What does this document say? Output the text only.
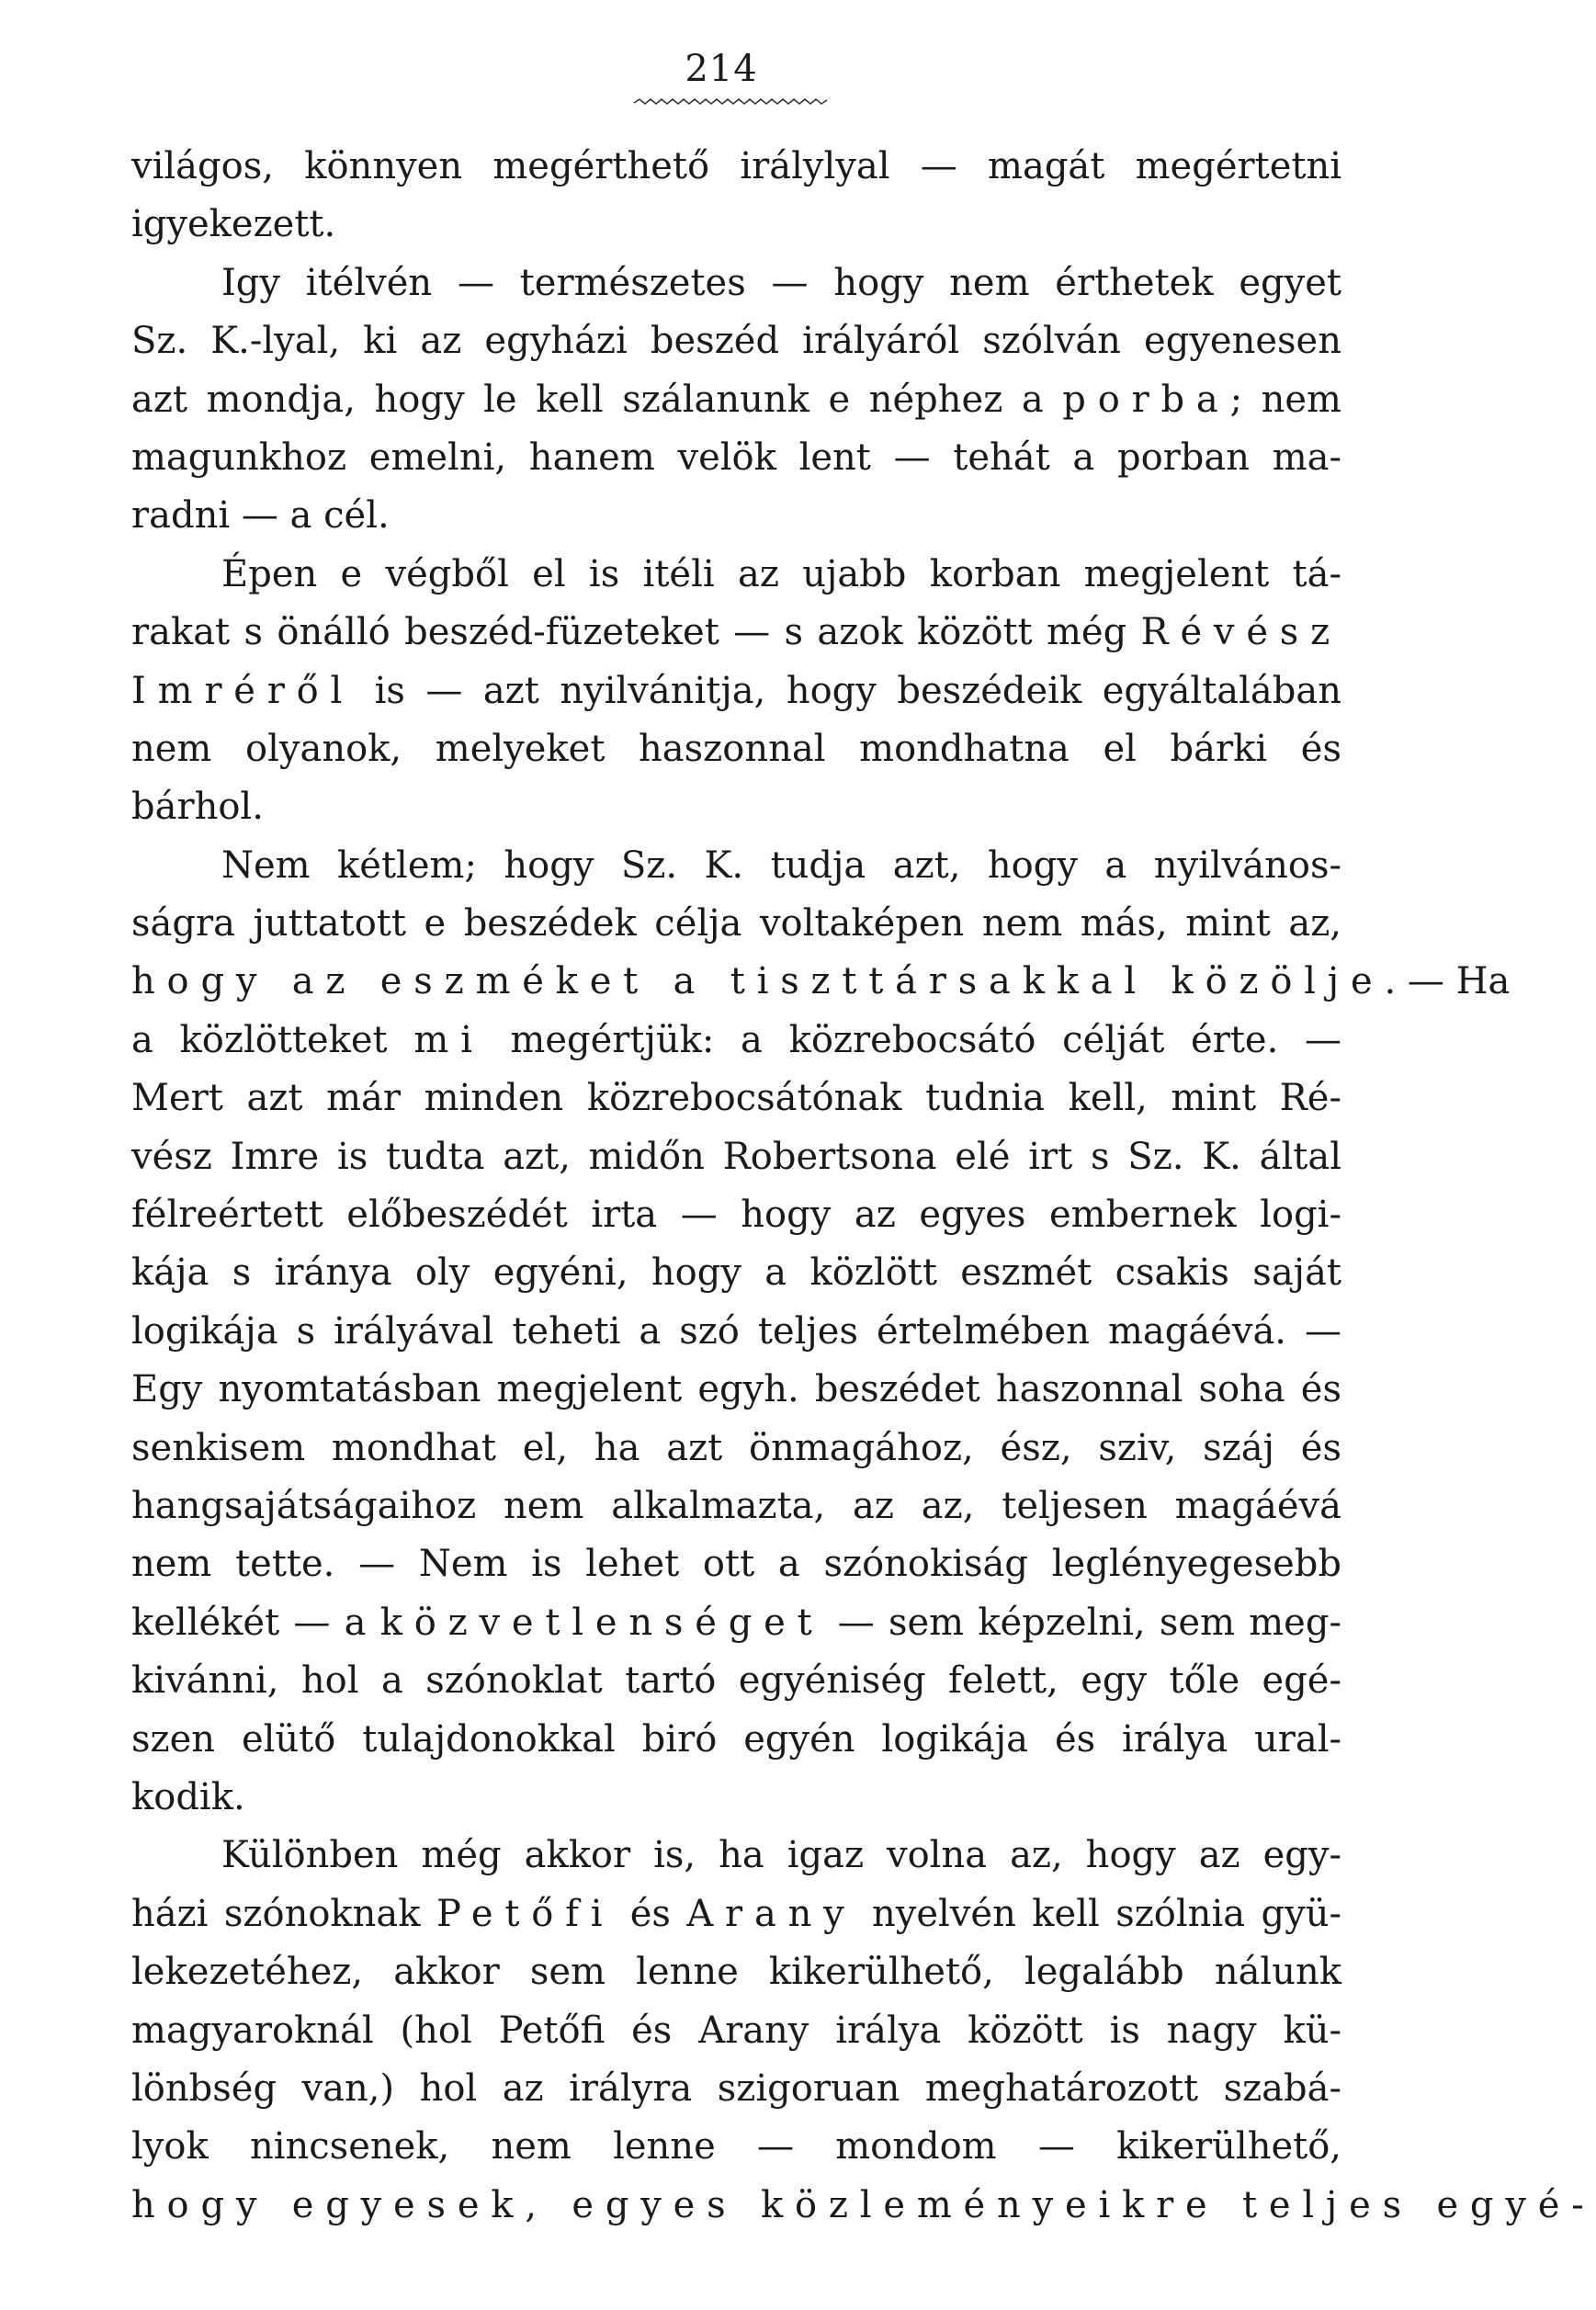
214
világos, könnyen megérthető irálylyal — magát megértetni
igyekezett.
Igy itélvén — természetes — hogy nem érthetek egyet
Sz. K.-lyal, ki az egyházi beszéd irályáról szólván egyenesen
azt mondja, hogy le kell szálanunk e néphez a porba; nem
magunkhoz emelni, hanem velök lent — tehát a porban ma-
radni — a cél.
Épen e végből el is itéli az ujabb korban megjelent tá-
rakat s önálló beszéd-füzeteket — s azok között még Révész
Imréről is — azt nyilvánitja, hogy beszédeik egyáltalában
nem olyanok, melyeket haszonnal mondhatna el bárki és
bárhol.
Nem kétlem; hogy Sz. K. tudja azt, hogy a nyilvános-
ságra juttatott e beszédek célja voltaképen nem más, mint az,
hogy az eszméket a tiszttársakkal közölje. — Ha
a közlötteket mi megértjük: a közrebocsátó célját érte. —
Mert azt már minden közrebocsátónak tudnia kell, mint Ré-
vész Imre is tudta azt, midőn Robertsona elé irt s Sz. K. által
félreértett előbeszédét irta — hogy az egyes embernek logi-
kája s iránya oly egyéni, hogy a közlött eszmét csakis saját
logikája s irályával teheti a szó teljes értelmében magáévá. —
Egy nyomtatásban megjelent egyh. beszédet haszonnal soha és
senkisem mondhat el, ha azt önmagához, ész, sziv, száj és
hangsajátságaihoz nem alkalmazta, az az, teljesen magáévá
nem tette. — Nem is lehet ott a szónokiság leglényegesebb
kellékét — a közvetlenséget — sem képzelni, sem meg-
kivánni, hol a szónoklat tartó egyéniség felett, egy tőle egé-
szen elütő tulajdonokkal biró egyén logikája és irálya ural-
kodik.
Különben még akkor is, ha igaz volna az, hogy az egy-
házi szónoknak Petőfi és Arany nyelvén kell szólnia gyü-
lekezetéhez, akkor sem lenne kikerülhető, legalább nálunk
magyaroknál (hol Petőfi és Arany irálya között is nagy kü-
lönbség van,) hol az irályra szigoruan meghatározott szabá-
lyok nincsenek, nem lenne — mondom — kikerülhető,
hogy egyesek, egyes közleményeikre teljes egyé-
